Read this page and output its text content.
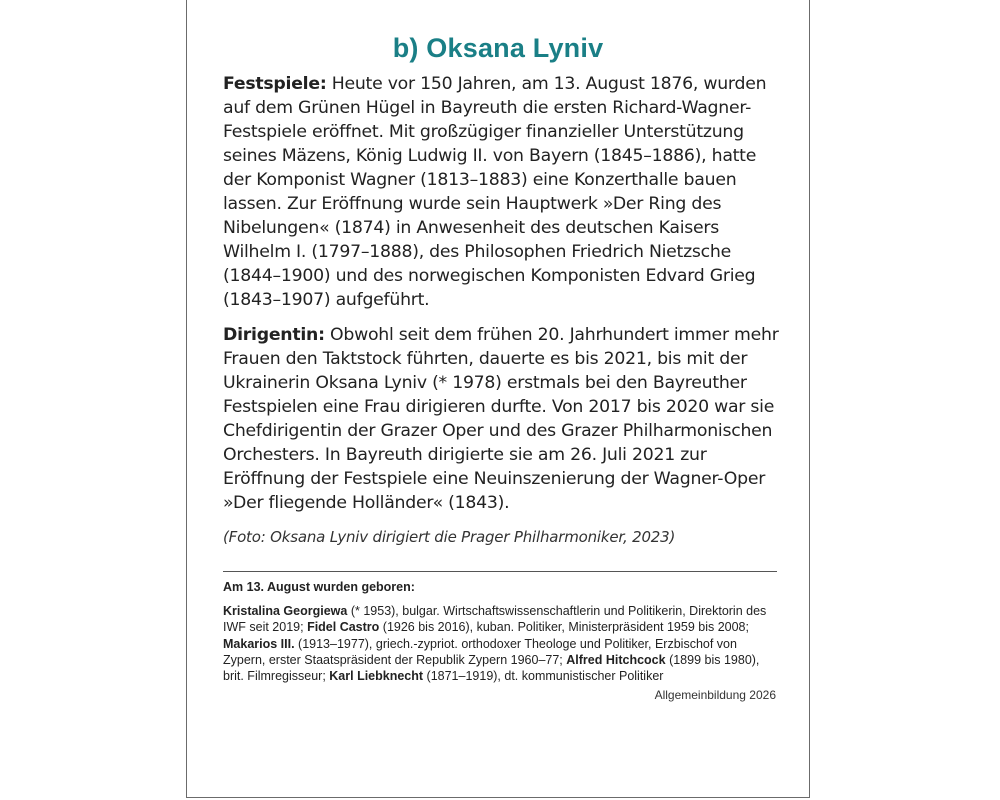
b) Oksana Lyniv

Festspiele: Heute vor 150 Jahren, am 13. August 1876, wurden auf dem Grünen Hügel in Bayreuth die ersten Richard-Wagner-Festspiele eröffnet. Mit großzügiger finanzieller Unterstützung seines Mäzens, König Ludwig II. von Bayern (1845–1886), hatte der Komponist Wagner (1813–1883) eine Konzerthalle bauen lassen. Zur Eröffnung wurde sein Hauptwerk »Der Ring des Nibelungen« (1874) in Anwesenheit des deutschen Kaisers Wilhelm I. (1797–1888), des Philosophen Friedrich Nietzsche (1844–1900) und des norwegischen Komponisten Edvard Grieg (1843–1907) aufgeführt.

Dirigentin: Obwohl seit dem frühen 20. Jahrhundert immer mehr Frauen den Taktstock führten, dauerte es bis 2021, bis mit der Ukrainerin Oksana Lyniv (* 1978) erstmals bei den Bayreuther Festspielen eine Frau dirigieren durfte. Von 2017 bis 2020 war sie Chefdirigentin der Grazer Oper und des Grazer Philharmonischen Orchesters. In Bayreuth dirigierte sie am 26. Juli 2021 zur Eröffnung der Festspiele eine Neuinszenierung der Wagner-Oper »Der fliegende Holländer« (1843).

(Foto: Oksana Lyniv dirigiert die Prager Philharmoniker, 2023)
Am 13. August wurden geboren:
Kristalina Georgiewa (* 1953), bulgar. Wirtschaftswissenschaftlerin und Politikerin, Direktorin des IWF seit 2019; Fidel Castro (1926 bis 2016), kuban. Politiker, Ministerpräsident 1959 bis 2008; Makarios III. (1913–1977), griech.-zypriot. orthodoxer Theologe und Politiker, Erzbischof von Zypern, erster Staatspräsident der Republik Zypern 1960–77; Alfred Hitchcock (1899 bis 1980), brit. Filmregisseur; Karl Liebknecht (1871–1919), dt. kommunistischer Politiker
Allgemeinbildung 2026
